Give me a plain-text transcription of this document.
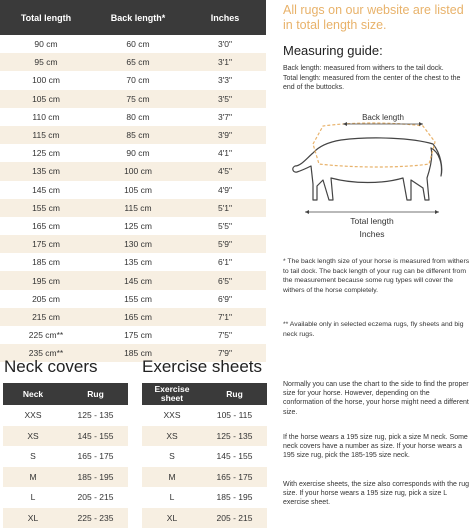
Total length	Back length*	Inches
90 cm	60 cm	3'0"
95 cm	65 cm	3'1"
100 cm	70 cm	3'3"
105 cm	75 cm	3'5"
110 cm	80 cm	3'7"
115 cm	85 cm	3'9"
125 cm	90 cm	4'1"
135 cm	100 cm	4'5"
145 cm	105 cm	4'9"
155 cm	115 cm	5'1"
165 cm	125 cm	5'5"
175 cm	130 cm	5'9"
185 cm	135 cm	6'1"
195 cm	145 cm	6'5"
205 cm	155 cm	6'9"
215 cm	165 cm	7'1"
225 cm**	175 cm	7'5"
235 cm**	185 cm	7'9"
Neck covers	Exercise sheets
Neck	Rug
XXS	125 - 135
XS	145 - 155
S	165 - 175
M	185 - 195
L	205 - 215
XL	225 - 235
Exercise sheet	Rug
XXS	105 - 115
XS	125 - 135
S	145 - 155
M	165 - 175
L	185 - 195
XL	205 - 215
All rugs on our website are listed in total length size.
Measuring guide:
Back length: measured from withers to the tail dock.
Total length: measured from the center of the chest to the end of the buttocks.
Back length
Total length
Inches
* The back length size of your horse is measured from withers to tail dock. The back length of your rug can be different from the measurement because some rug types will cover the withers of the horse completely.
** Available only in selected eczema rugs, fly sheets and big neck rugs.
Normally you can use the chart to the side to find the proper size for your horse. However, depending on the conformation of the horse, your horse might need a different size.
If the horse wears a 195 size rug, pick a size M neck. Some neck covers have a number as size. If your horse wears a 195 size rug, pick the 185-195 size neck.
With exercise sheets, the size also corresponds with the rug size. If your horse wears a 195 size rug, pick a size L exercise sheet.
